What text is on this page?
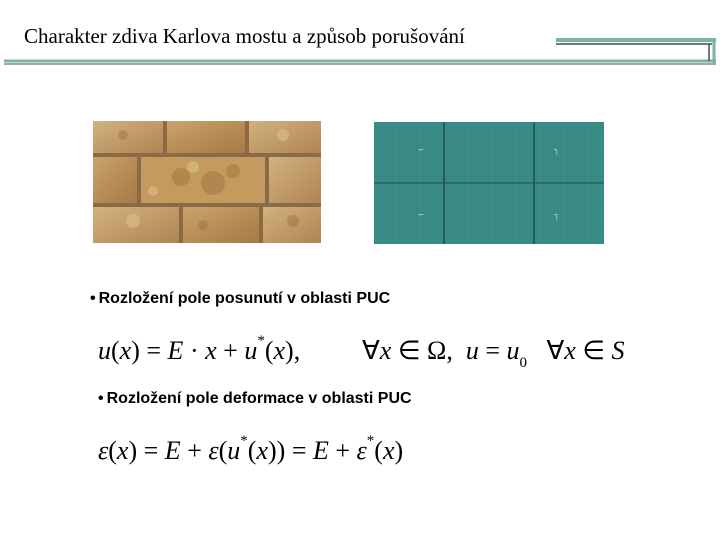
Charakter zdiva Karlova mostu a způsob porušování
⌐	┐
⌐	┐
• Rozložení pole posunutí v oblasti PUC
u(x) = E · x + u*(x), ∀x ∈ Ω,  $u = u_0$   ∀x ∈ S
• Rozložení pole deformace v oblasti PUC
ε(x) = E + ε(u*(x)) = E + ε*(x)
